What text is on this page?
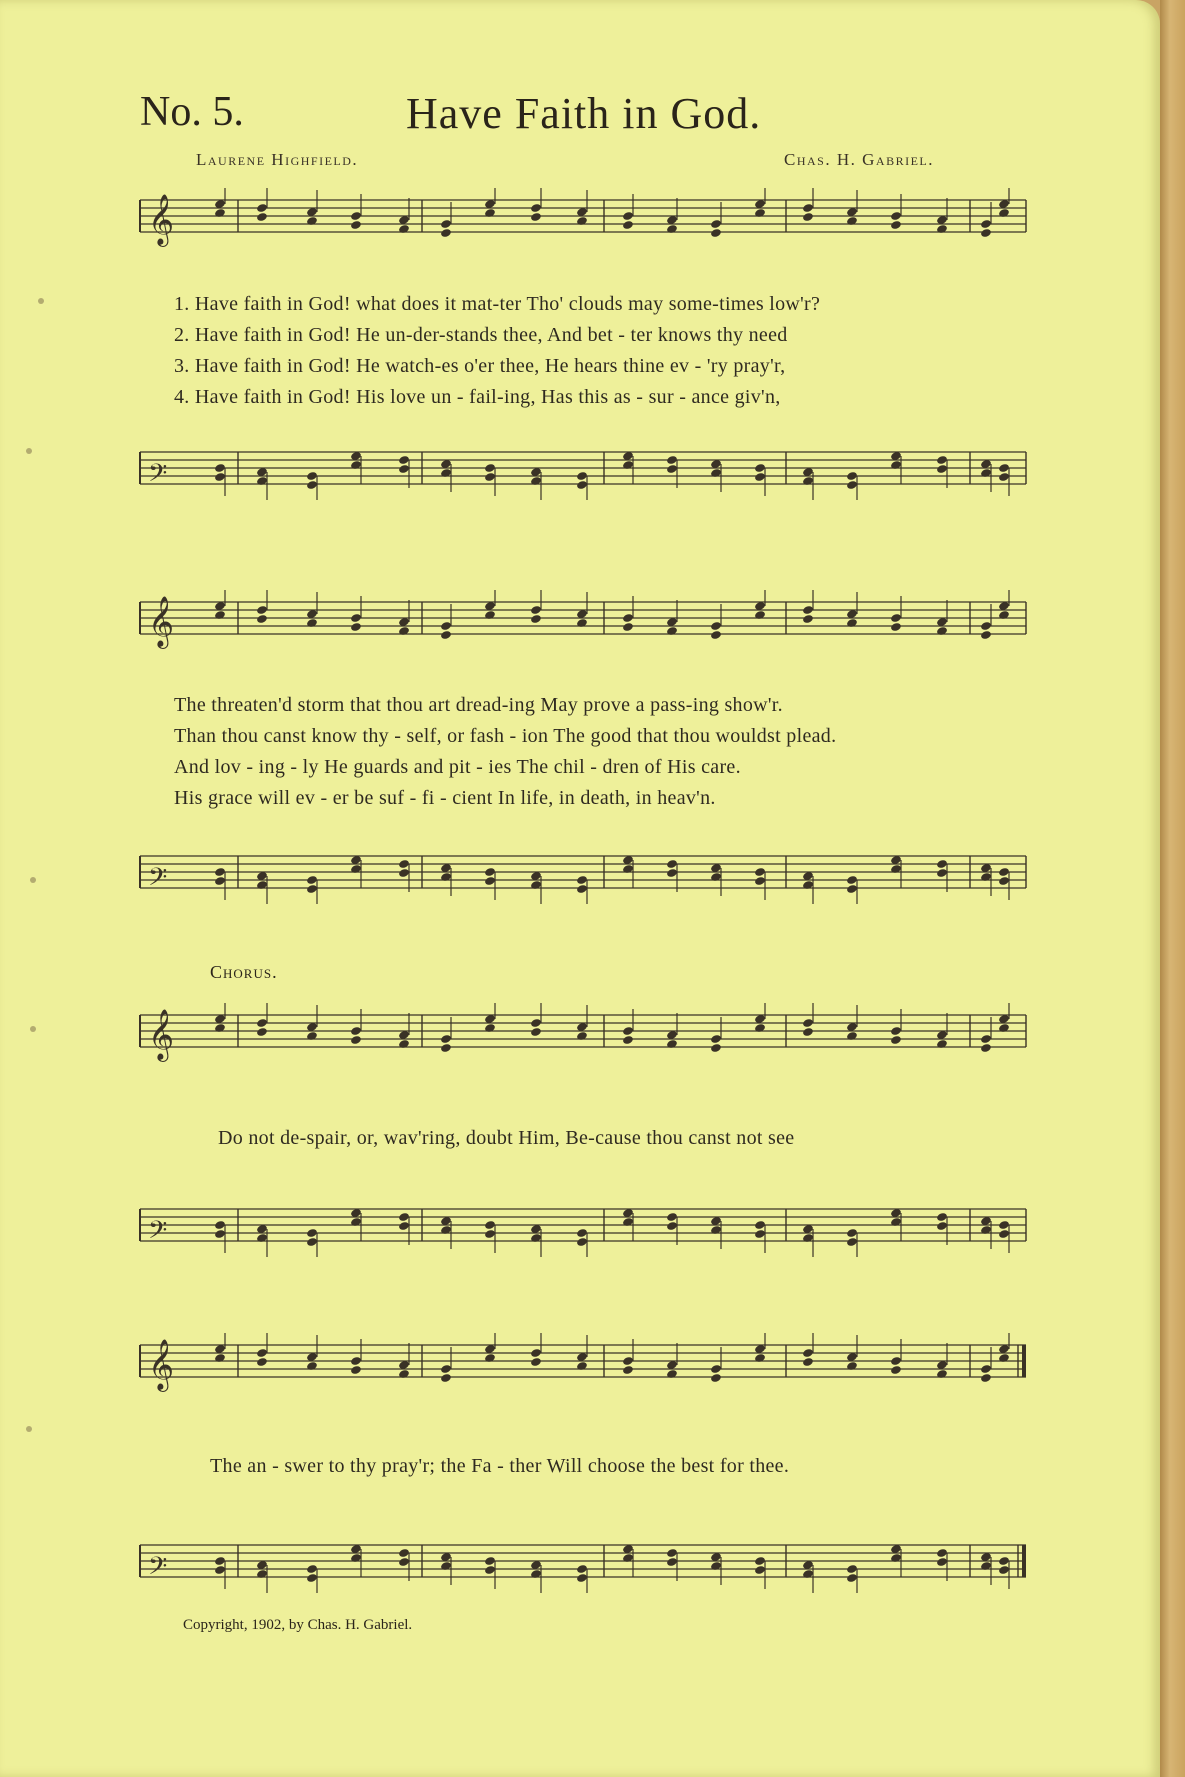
No. 5.	Have Faith in God.
Laurene Highfield.	Chas. H. Gabriel.
𝄞
1. Have faith in God! what does it mat-ter Tho' clouds may some-times low'r?
2. Have faith in God! He un-der-stands thee, And bet - ter knows thy need
3. Have faith in God! He watch-es o'er thee, He hears thine ev - 'ry pray'r,
4. Have faith in God! His love un - fail-ing, Has this as - sur - ance giv'n,
𝄢
𝄞
The threaten'd storm that thou art dread-ing May prove a pass-ing show'r.
Than thou canst know thy - self, or fash - ion The good that thou wouldst plead.
And lov - ing - ly He guards and pit - ies The chil - dren of His care.
His grace will ev - er be suf - fi - cient In life, in death, in heav'n.
𝄢
Chorus.
𝄞
Do not de-spair, or, wav'ring, doubt Him, Be-cause thou canst not see
𝄢
𝄞
The an - swer to thy pray'r; the Fa - ther Will choose the best for thee.
𝄢
Copyright, 1902, by Chas. H. Gabriel.
